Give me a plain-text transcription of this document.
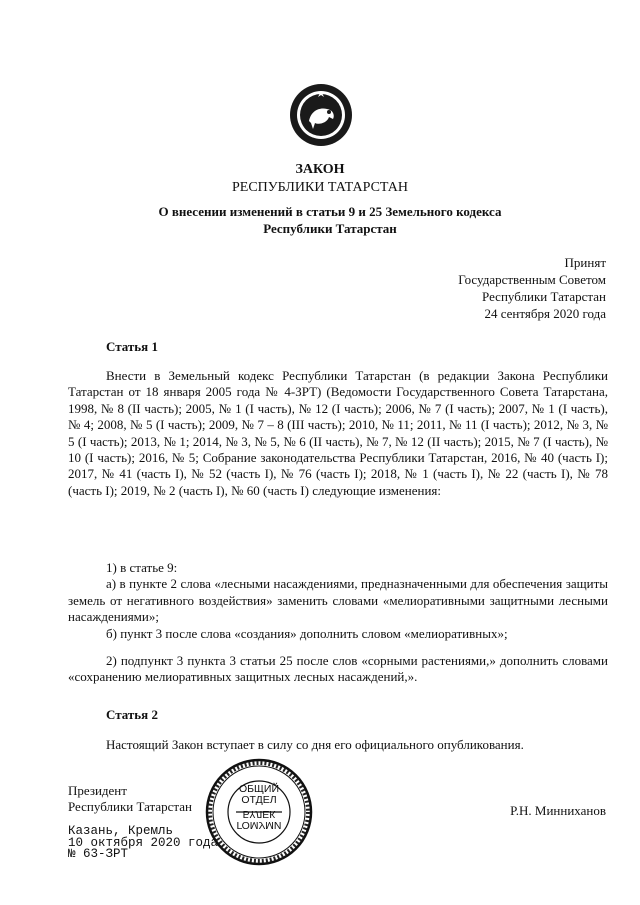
ЗАКОН
РЕСПУБЛИКИ ТАТАРСТАН
О внесении изменений в статьи 9 и 25 Земельного кодекса
Республики Татарстан
Принят
Государственным Советом
Республики Татарстан
24 сентября 2020 года
Статья 1
Внести в Земельный кодекс Республики Татарстан (в редакции Закона Республики Татарстан от 18 января 2005 года № 4-ЗРТ) (Ведомости Государственного Совета Татарстана, 1998, № 8 (II часть); 2005, № 1 (I часть), № 12 (I часть); 2006, № 7 (I часть); 2007, № 1 (I часть), № 4; 2008, № 5 (I часть); 2009, № 7 – 8 (III часть); 2010, № 11; 2011, № 11 (I часть); 2012, № 3, № 5 (I часть); 2013, № 1; 2014, № 3, № 5, № 6 (II часть), № 7, № 12 (II часть); 2015, № 7 (I часть), № 10 (I часть); 2016, № 5; Собрание законодательства Республики Татарстан, 2016, № 40 (часть I); 2017, № 41 (часть I), № 52 (часть I), № 76 (часть I); 2018, № 1 (часть I), № 22 (часть I), № 78 (часть I); 2019, № 2 (часть I), № 60 (часть I) следующие изменения:

1) в статье 9:

а) в пункте 2 слова «лесными насаждениями, предназначенными для обеспечения защиты земель от негативного воздействия» заменить словами «мелиоративными защитными лесными насаждениями»;

б) пункт 3 после слова «создания» дополнить словом «мелиоративных»;

2) подпункт 3 пункта 3 статьи 25 после слов «сорными растениями,» дополнить словами «сохранению мелиоративных защитных лесных насаждений,».

Статья 2
Настоящий Закон вступает в силу со дня его официального опубликования.
Президент
Республики Татарстан	Р.Н. Минниханов
Казань, Кремль
10 октября 2020 года
№ 63-ЗРТ
ОБЩИЙ
ОТДЕЛ
ГОМУМИ
БҮЛЕК
